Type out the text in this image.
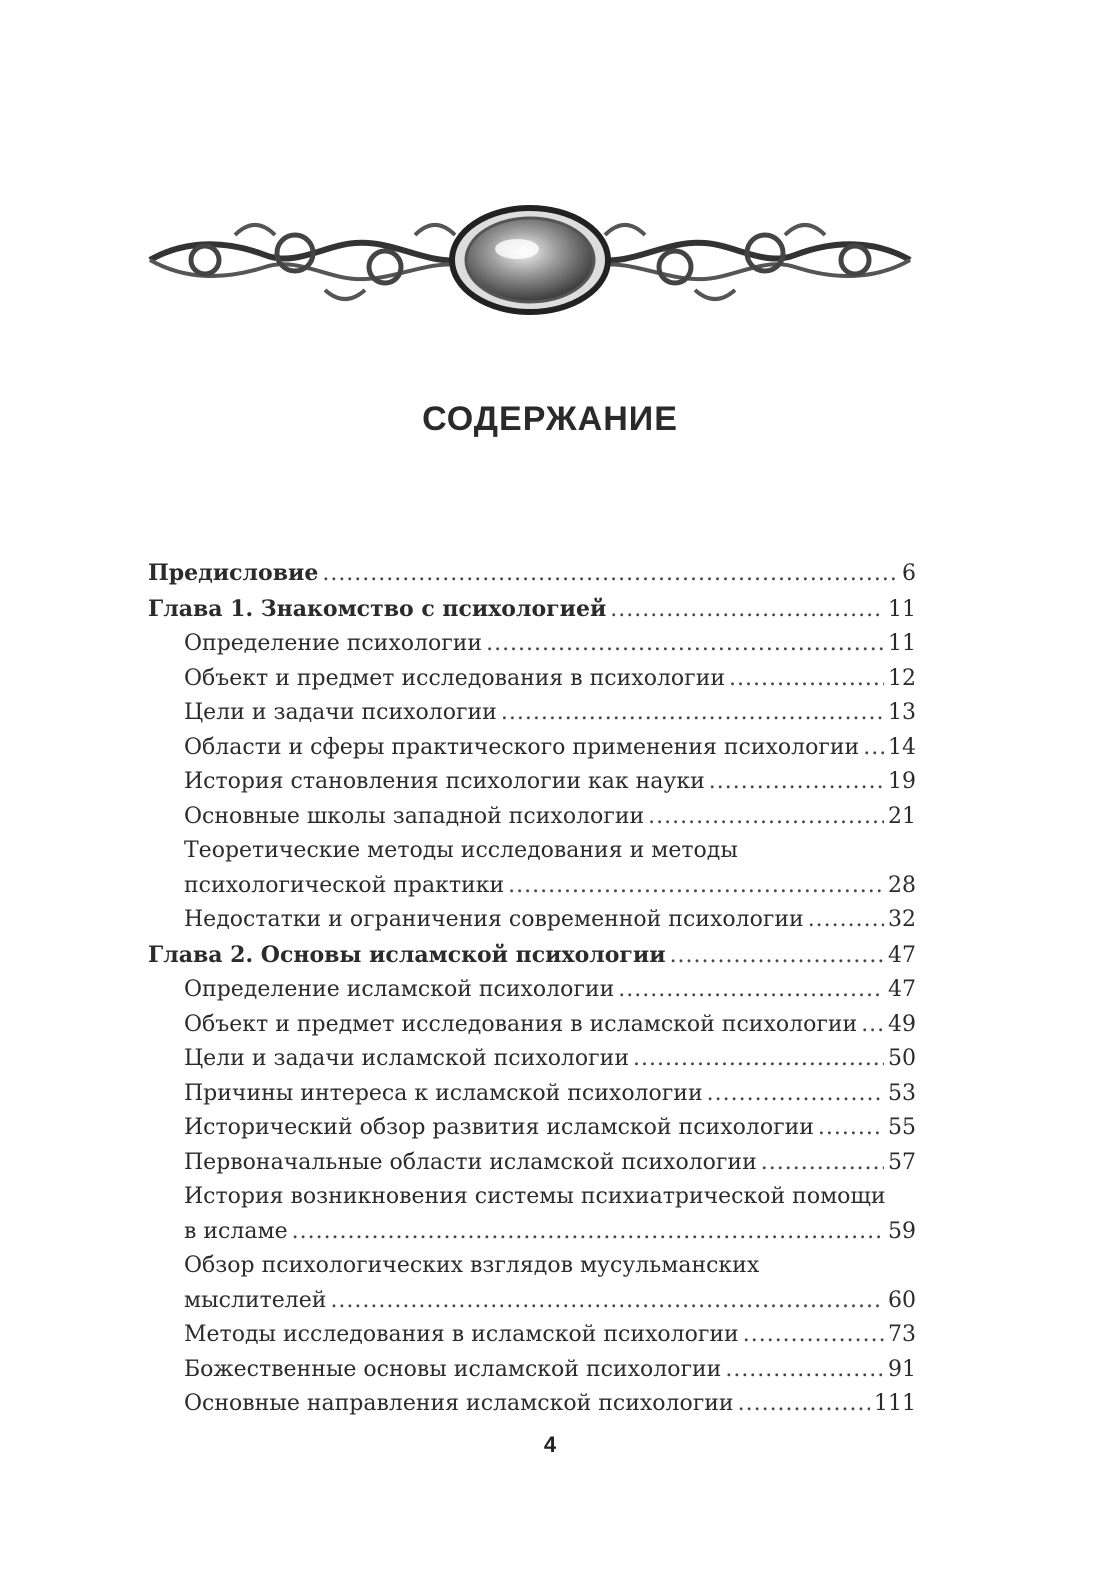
СОДЕРЖАНИЕ
Предисловие .....	6
Глава 1. Знакомство с психологией .....	11
Определение психологии .....	11
Объект и предмет исследования в психологии .....	12
Цели и задачи психологии .....	13
Области и сферы практического применения психологии ..... 14
История становления психологии как науки .....	19
Основные школы западной психологии .....	21
Теоретические методы исследования и методы
психологической практики .....	28
Недостатки и ограничения современной психологии .....	32
Глава 2. Основы исламской психологии .....	47
Определение исламской психологии .....	47
Объект и предмет исследования в исламской психологии ..... 49
Цели и задачи исламской психологии .....	50
Причины интереса к исламской психологии .....	53
Исторический обзор развития исламской психологии .....	55
Первоначальные области исламской психологии .....	57
История возникновения системы психиатрической помощи
в исламе .....	59
Обзор психологических взглядов мусульманских
мыслителей .....	60
Методы исследования в исламской психологии .....	73
Божественные основы исламской психологии .....	91
Основные направления исламской психологии .....	111
4
